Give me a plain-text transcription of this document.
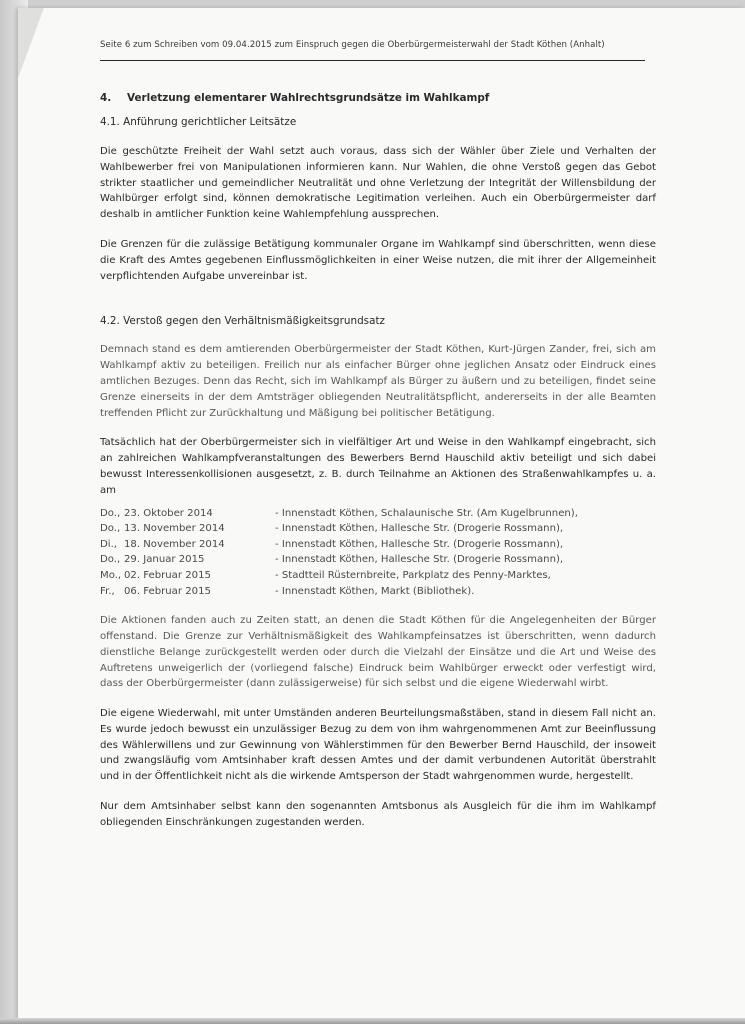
Seite 6 zum Schreiben vom 09.04.2015 zum Einspruch gegen die Oberbürgermeisterwahl der Stadt Köthen (Anhalt)
4. Verletzung elementarer Wahlrechtsgrundsätze im Wahlkampf
4.1. Anführung gerichtlicher Leitsätze

Die geschützte Freiheit der Wahl setzt auch voraus, dass sich der Wähler über Ziele und Verhalten der Wahlbewerber frei von Manipulationen informieren kann. Nur Wahlen, die ohne Verstoß gegen das Gebot strikter staatlicher und gemeindlicher Neutralität und ohne Verletzung der Integrität der Willensbildung der Wahlbürger erfolgt sind, können demokratische Legitimation verleihen. Auch ein Oberbürgermeister darf deshalb in amtlicher Funktion keine Wahlempfehlung aussprechen.

Die Grenzen für die zulässige Betätigung kommunaler Organe im Wahlkampf sind überschritten, wenn diese die Kraft des Amtes gegebenen Einflussmöglichkeiten in einer Weise nutzen, die mit ihrer der Allgemeinheit verpflichtenden Aufgabe unvereinbar ist.

4.2. Verstoß gegen den Verhältnismäßigkeitsgrundsatz

Demnach stand es dem amtierenden Oberbürgermeister der Stadt Köthen, Kurt-Jürgen Zander, frei, sich am Wahlkampf aktiv zu beteiligen. Freilich nur als einfacher Bürger ohne jeglichen Ansatz oder Eindruck eines amtlichen Bezuges. Denn das Recht, sich im Wahlkampf als Bürger zu äußern und zu beteiligen, findet seine Grenze einerseits in der dem Amtsträger obliegenden Neutralitätspflicht, andererseits in der alle Beamten treffenden Pflicht zur Zurückhaltung und Mäßigung bei politischer Betätigung.

Tatsächlich hat der Oberbürgermeister sich in vielfältiger Art und Weise in den Wahlkampf eingebracht, sich an zahlreichen Wahlkampfveranstaltungen des Bewerbers Bernd Hauschild aktiv beteiligt und sich dabei bewusst Interessenkollisionen ausgesetzt, z. B. durch Teilnahme an Aktionen des Straßenwahlkampfes u. a. am

Do., 23. Oktober 2014	- Innenstadt Köthen, Schalaunische Str. (Am Kugelbrunnen),
Do., 13. November 2014	- Innenstadt Köthen, Hallesche Str. (Drogerie Rossmann),
Di., 18. November 2014	- Innenstadt Köthen, Hallesche Str. (Drogerie Rossmann),
Do., 29. Januar 2015	- Innenstadt Köthen, Hallesche Str. (Drogerie Rossmann),
Mo., 02. Februar 2015	- Stadtteil Rüsternbreite, Parkplatz des Penny-Marktes,
Fr., 06. Februar 2015	- Innenstadt Köthen, Markt (Bibliothek).

Die Aktionen fanden auch zu Zeiten statt, an denen die Stadt Köthen für die Angelegenheiten der Bürger offenstand. Die Grenze zur Verhältnismäßigkeit des Wahlkampfeinsatzes ist überschritten, wenn dadurch dienstliche Belange zurückgestellt werden oder durch die Vielzahl der Einsätze und die Art und Weise des Auftretens unweigerlich der (vorliegend falsche) Eindruck beim Wahlbürger erweckt oder verfestigt wird, dass der Oberbürgermeister (dann zulässigerweise) für sich selbst und die eigene Wiederwahl wirbt.

Die eigene Wiederwahl, mit unter Umständen anderen Beurteilungsmaßstäben, stand in diesem Fall nicht an. Es wurde jedoch bewusst ein unzulässiger Bezug zu dem von ihm wahrgenommenen Amt zur Beeinflussung des Wählerwillens und zur Gewinnung von Wählerstimmen für den Bewerber Bernd Hauschild, der insoweit und zwangsläufig vom Amtsinhaber kraft dessen Amtes und der damit verbundenen Autorität überstrahlt und in der Öffentlichkeit nicht als die wirkende Amtsperson der Stadt wahrgenommen wurde, hergestellt.

Nur dem Amtsinhaber selbst kann den sogenannten Amtsbonus als Ausgleich für die ihm im Wahlkampf obliegenden Einschränkungen zugestanden werden.
